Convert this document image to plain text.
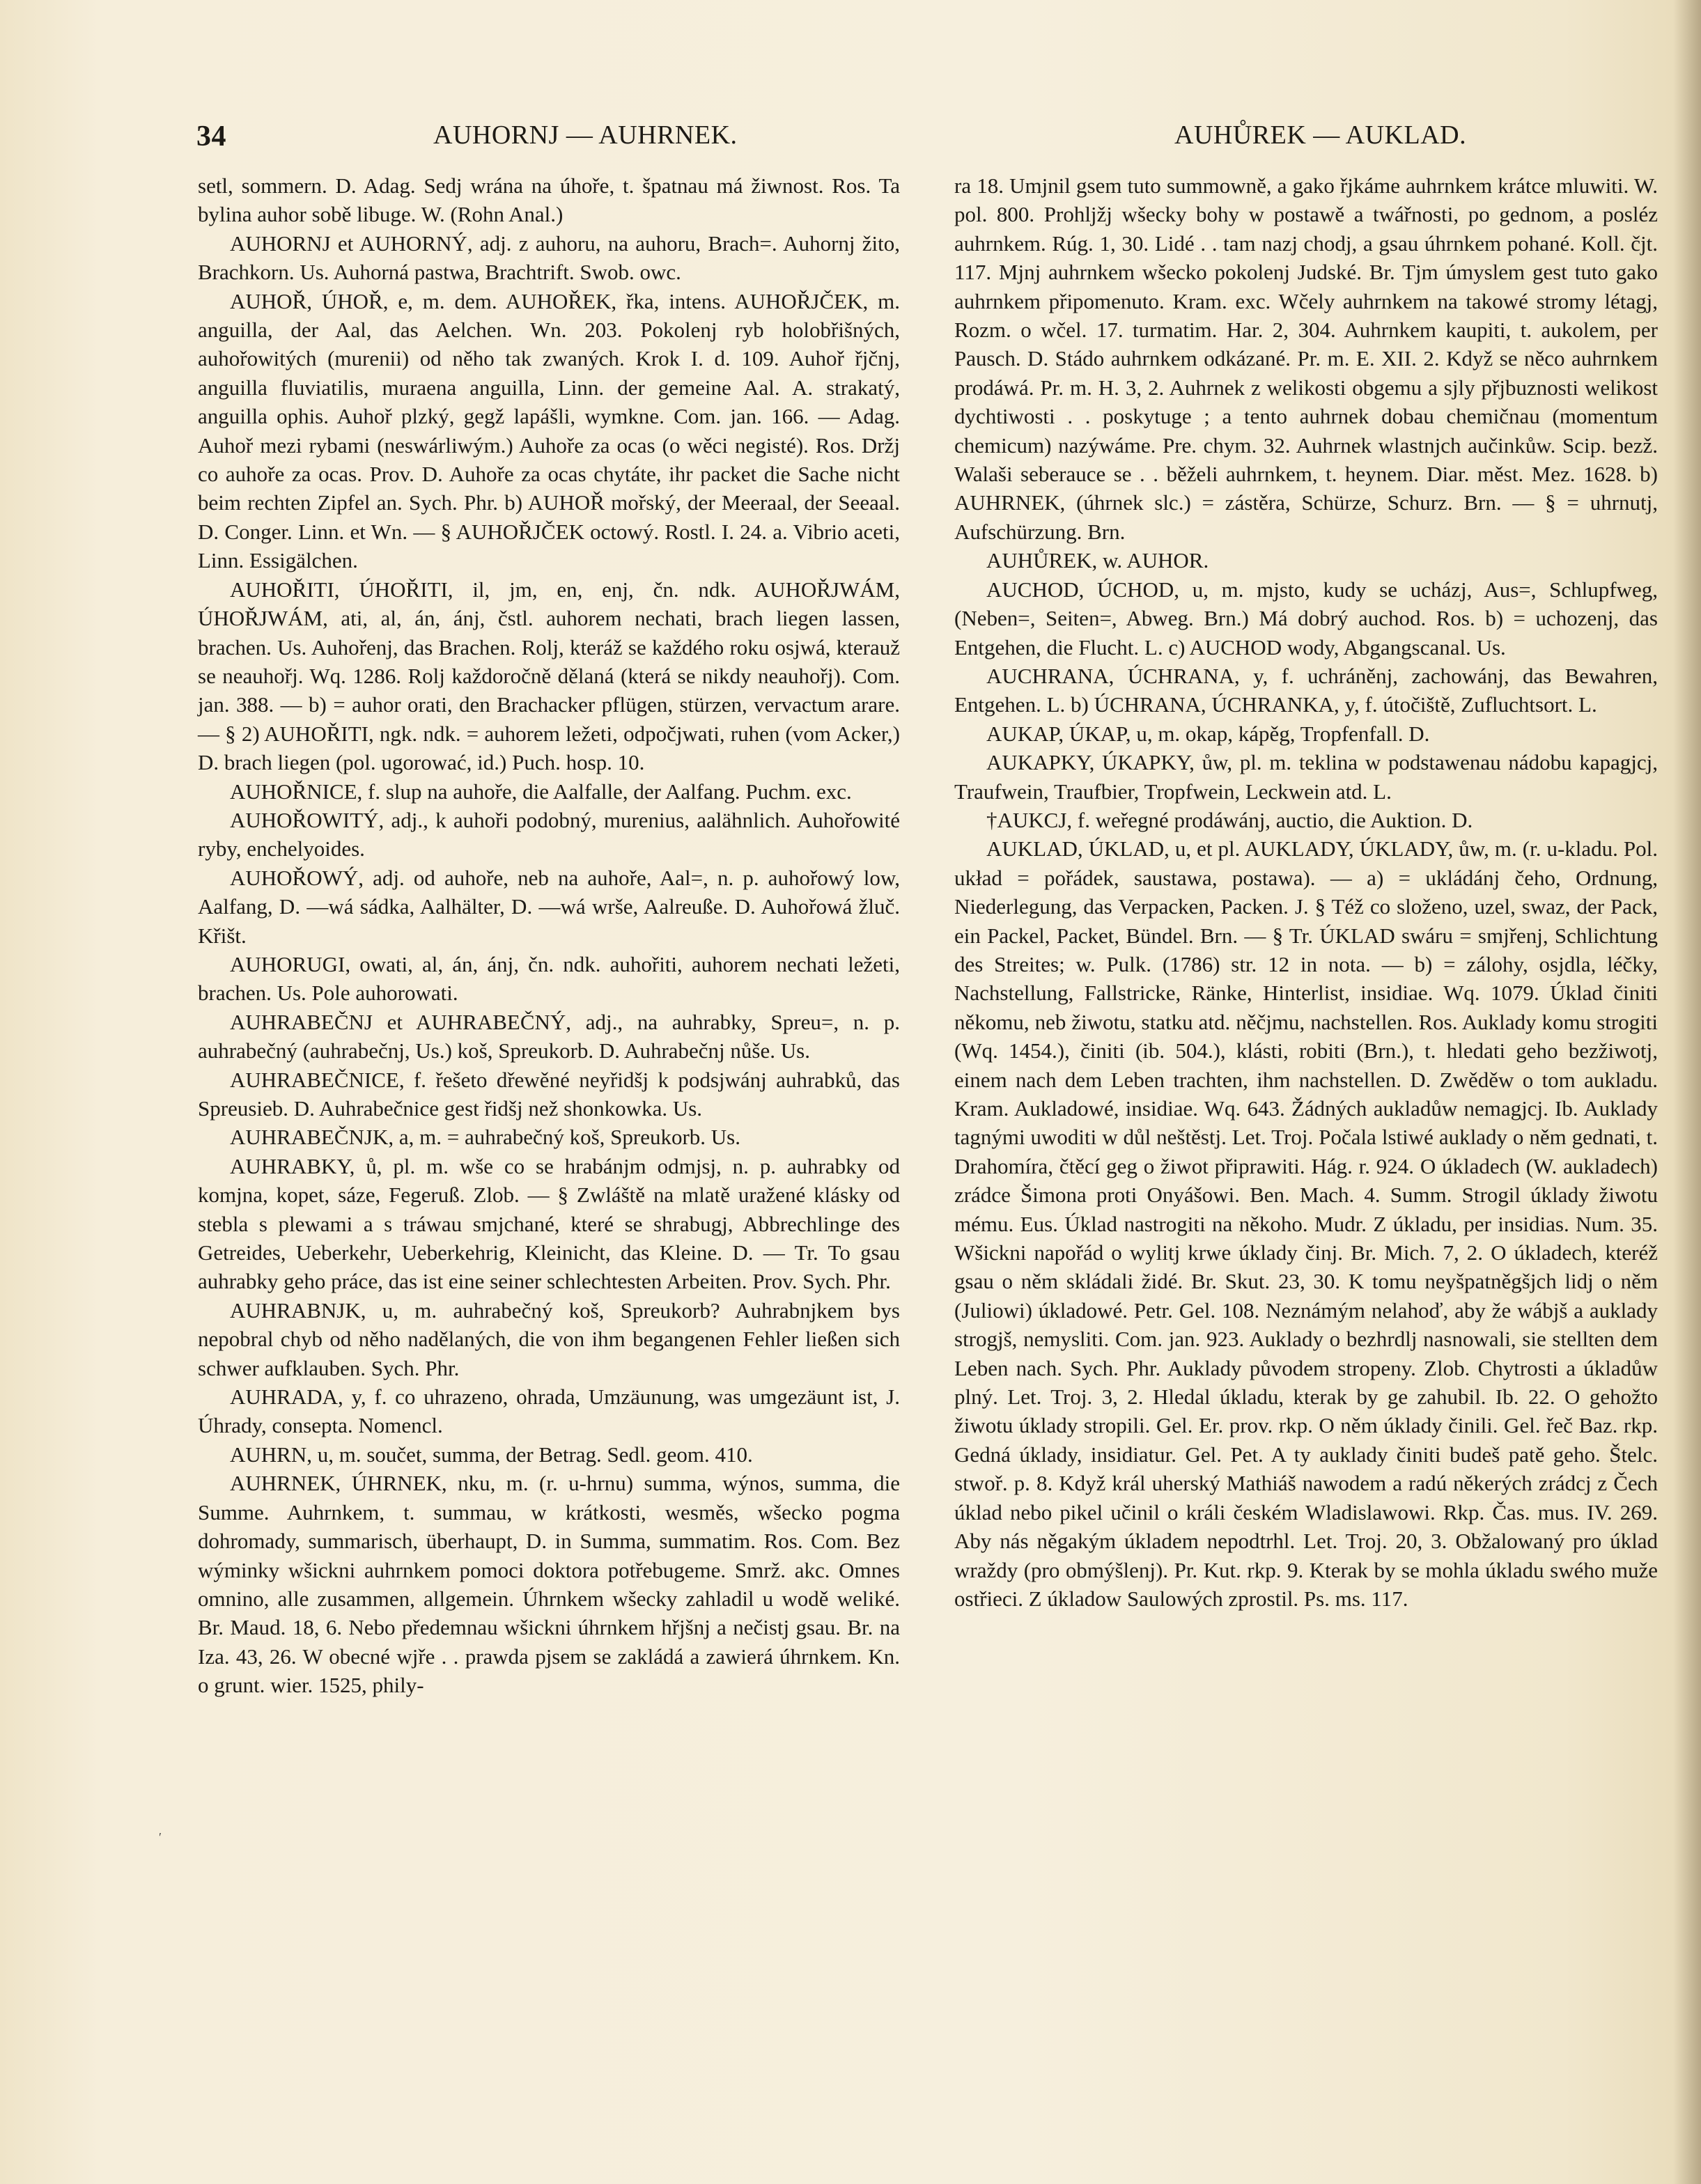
34	AUHORNJ — AUHRNEK.	AUHŮREK — AUKLAD.

setl, sommern. D. Adag. Sedj wrána na úhoře, t. špatnau má žiwnost. Ros. Ta bylina auhor sobě libuge. W. (Rohn Anal.)

AUHORNJ et AUHORNÝ, adj. z auhoru, na auhoru, Brach=. Auhornj žito, Brachkorn. Us. Auhorná pastwa, Brachtrift. Swob. owc.

AUHOŘ, ÚHOŘ, e, m. dem. AUHOŘEK, řka, intens. AUHOŘJČEK, m. anguilla, der Aal, das Aelchen. Wn. 203. Pokolenj ryb holobřišných, auhořowitých (murenii) od něho tak zwaných. Krok I. d. 109. Auhoř řjčnj, anguilla fluviatilis, muraena anguilla, Linn. der gemeine Aal. A. strakatý, anguilla ophis. Auhoř plzký, gegž lapášli, wymkne. Com. jan. 166. — Adag. Auhoř mezi rybami (neswárliwým.) Auhoře za ocas (o wěci negisté). Ros. Držj co auhoře za ocas. Prov. D. Auhoře za ocas chytáte, ihr packet die Sache nicht beim rechten Zipfel an. Sych. Phr. b) AUHOŘ mořský, der Meeraal, der Seeaal. D. Conger. Linn. et Wn. — § AUHOŘJČEK octowý. Rostl. I. 24. a. Vibrio aceti, Linn. Essigälchen.

AUHOŘITI, ÚHOŘITI, il, jm, en, enj, čn. ndk. AUHOŘJWÁM, ÚHOŘJWÁM, ati, al, án, ánj, čstl. auhorem nechati, brach liegen lassen, brachen. Us. Auhořenj, das Brachen. Rolj, kteráž se každého roku osjwá, kterauž se neauhořj. Wq. 1286. Rolj každoročně dělaná (která se nikdy neauhořj). Com. jan. 388. — b) = auhor orati, den Brachacker pflügen, stürzen, vervactum arare. — § 2) AUHOŘITI, ngk. ndk. = auhorem ležeti, odpočjwati, ruhen (vom Acker,) D. brach liegen (pol. ugorować, id.) Puch. hosp. 10.

AUHOŘNICE, f. slup na auhoře, die Aalfalle, der Aalfang. Puchm. exc.

AUHOŘOWITÝ, adj., k auhoři podobný, murenius, aalähnlich. Auhořowité ryby, enchelyoides.

AUHOŘOWÝ, adj. od auhoře, neb na auhoře, Aal=, n. p. auhořowý low, Aalfang, D. —wá sádka, Aalhälter, D. —wá wrše, Aalreuße. D. Auhořowá žluč. Křišt.

AUHORUGI, owati, al, án, ánj, čn. ndk. auhořiti, auhorem nechati ležeti, brachen. Us. Pole auhorowati.

AUHRABEČNJ et AUHRABEČNÝ, adj., na auhrabky, Spreu=, n. p. auhrabečný (auhrabečnj, Us.) koš, Spreukorb. D. Auhrabečnj nůše. Us.

AUHRABEČNICE, f. řešeto dřewěné neyřidšj k podsjwánj auhrabků, das Spreusieb. D. Auhrabečnice gest řidšj než shonkowka. Us.

AUHRABEČNJK, a, m. = auhrabečný koš, Spreukorb. Us.

AUHRABKY, ů, pl. m. wše co se hrabánjm odmjsj, n. p. auhrabky od komjna, kopet, sáze, Fegeruß. Zlob. — § Zwláště na mlatě uražené klásky od stebla s plewami a s tráwau smjchané, které se shrabugj, Abbrechlinge des Getreides, Ueberkehr, Ueberkehrig, Kleinicht, das Kleine. D. — Tr. To gsau auhrabky geho práce, das ist eine seiner schlechtesten Arbeiten. Prov. Sych. Phr.

AUHRABNJK, u, m. auhrabečný koš, Spreukorb? Auhrabnjkem bys nepobral chyb od něho nadělaných, die von ihm begangenen Fehler ließen sich schwer aufklauben. Sych. Phr.

AUHRADA, y, f. co uhrazeno, ohrada, Umzäunung, was umgezäunt ist, J. Úhrady, consepta. Nomencl.

AUHRN, u, m. součet, summa, der Betrag. Sedl. geom. 410.

AUHRNEK, ÚHRNEK, nku, m. (r. u-hrnu) summa, wýnos, summa, die Summe. Auhrnkem, t. summau, w krátkosti, wesměs, wšecko pogma dohromady, summarisch, überhaupt, D. in Summa, summatim. Ros. Com. Bez wýminky wšickni auhrnkem pomoci doktora potřebugeme. Smrž. akc. Omnes omnino, alle zusammen, allgemein. Úhrnkem wšecky zahladil u wodě weliké. Br. Maud. 18, 6. Nebo předemnau wšickni úhrnkem hřjšnj a nečistj gsau. Br. na Iza. 43, 26. W obecné wjře . . prawda pjsem se zakládá a zawierá úhrnkem. Kn. o grunt. wier. 1525, phily-

ra 18. Umjnil gsem tuto summowně, a gako řjkáme auhrnkem krátce mluwiti. W. pol. 800. Prohljžj wšecky bohy w postawě a twářnosti, po gednom, a posléz auhrnkem. Rúg. 1, 30. Lidé . . tam nazj chodj, a gsau úhrnkem pohané. Koll. čjt. 117. Mjnj auhrnkem wšecko pokolenj Judské. Br. Tjm úmyslem gest tuto gako auhrnkem připomenuto. Kram. exc. Wčely auhrnkem na takowé stromy létagj, Rozm. o wčel. 17. turmatim. Har. 2, 304. Auhrnkem kaupiti, t. aukolem, per Pausch. D. Stádo auhrnkem odkázané. Pr. m. E. XII. 2. Když se něco auhrnkem prodáwá. Pr. m. H. 3, 2. Auhrnek z welikosti obgemu a sjly přjbuznosti welikost dychtiwosti . . poskytuge ; a tento auhrnek dobau chemičnau (momentum chemicum) nazýwáme. Pre. chym. 32. Auhrnek wlastnjch aučinkůw. Scip. bezž. Walaši seberauce se . . běželi auhrnkem, t. heynem. Diar. měst. Mez. 1628. b) AUHRNEK, (úhrnek slc.) = zástěra, Schürze, Schurz. Brn. — § = uhrnutj, Aufschürzung. Brn.

AUHŮREK, w. AUHOR.

AUCHOD, ÚCHOD, u, m. mjsto, kudy se ucházj, Aus=, Schlupfweg, (Neben=, Seiten=, Abweg. Brn.) Má dobrý auchod. Ros. b) = uchozenj, das Entgehen, die Flucht. L. c) AUCHOD wody, Abgangscanal. Us.

AUCHRANA, ÚCHRANA, y, f. uchráněnj, zachowánj, das Bewahren, Entgehen. L. b) ÚCHRANA, ÚCHRANKA, y, f. útočiště, Zufluchtsort. L.

AUKAP, ÚKAP, u, m. okap, kápěg, Tropfenfall. D.

AUKAPKY, ÚKAPKY, ůw, pl. m. teklina w podstawenau nádobu kapagjcj, Traufwein, Traufbier, Tropfwein, Leckwein atd. L.

†AUKCJ, f. weřegné prodáwánj, auctio, die Auktion. D.

AUKLAD, ÚKLAD, u, et pl. AUKLADY, ÚKLADY, ůw, m. (r. u-kladu. Pol. układ = pořádek, saustawa, postawa). — a) = ukládánj čeho, Ordnung, Niederlegung, das Verpacken, Packen. J. § Též co složeno, uzel, swaz, der Pack, ein Packel, Packet, Bündel. Brn. — § Tr. ÚKLAD swáru = smjřenj, Schlichtung des Streites; w. Pulk. (1786) str. 12 in nota. — b) = zálohy, osjdla, léčky, Nachstellung, Fallstricke, Ränke, Hinterlist, insidiae. Wq. 1079. Úklad činiti někomu, neb žiwotu, statku atd. něčjmu, nachstellen. Ros. Auklady komu strogiti (Wq. 1454.), činiti (ib. 504.), klásti, robiti (Brn.), t. hledati geho bezžiwotj, einem nach dem Leben trachten, ihm nachstellen. D. Zwěděw o tom aukladu. Kram. Aukladowé, insidiae. Wq. 643. Žádných aukladůw nemagjcj. Ib. Auklady tagnými uwoditi w důl neštěstj. Let. Troj. Počala lstiwé auklady o něm gednati, t. Drahomíra, čtěcí geg o žiwot připrawiti. Hág. r. 924. O úkladech (W. aukladech) zrádce Šimona proti Onyášowi. Ben. Mach. 4. Summ. Strogil úklady žiwotu mému. Eus. Úklad nastrogiti na někoho. Mudr. Z úkladu, per insidias. Num. 35. Wšickni napořád o wylitj krwe úklady činj. Br. Mich. 7, 2. O úkladech, kteréž gsau o něm skládali židé. Br. Skut. 23, 30. K tomu neyšpatněgšjch lidj o něm (Juliowi) úkladowé. Petr. Gel. 108. Neznámým nelahoď, aby že wábjš a auklady strogjš, nemysliti. Com. jan. 923. Auklady o bezhrdlj nasnowali, sie stellten dem Leben nach. Sych. Phr. Auklady původem stropeny. Zlob. Chytrosti a úkladůw plný. Let. Troj. 3, 2. Hledal úkladu, kterak by ge zahubil. Ib. 22. O gehožto žiwotu úklady stropili. Gel. Er. prov. rkp. O něm úklady činili. Gel. řeč Baz. rkp. Gedná úklady, insidiatur. Gel. Pet. A ty auklady činiti budeš patě geho. Štelc. stwoř. p. 8. Když král uherský Mathiáš nawodem a radú někerých zrádcj z Čech úklad nebo pikel učinil o králi českém Wladislawowi. Rkp. Čas. mus. IV. 269. Aby nás něgakým úkladem nepodtrhl. Let. Troj. 20, 3. Obžalowaný pro úklad wraždy (pro obmýšlenj). Pr. Kut. rkp. 9. Kterak by se mohla úkladu swého muže ostřieci. Z úkladow Saulowých zprostil. Ps. ms. 117.

′
